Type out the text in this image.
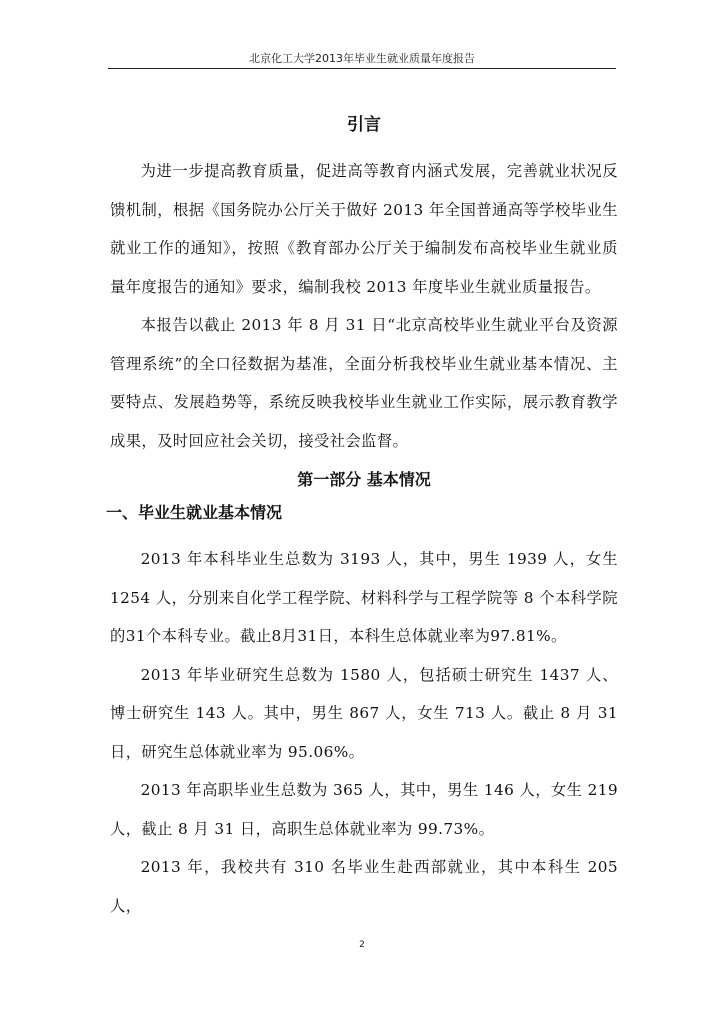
北京化工大学2013年毕业生就业质量年度报告
引言

为进一步提高教育质量，促进高等教育内涵式发展，完善就业状况反馈机制，根据《国务院办公厅关于做好 2013 年全国普通高等学校毕业生就业工作的通知》，按照《教育部办公厅关于编制发布高校毕业生就业质量年度报告的通知》要求，编制我校 2013 年度毕业生就业质量报告。

本报告以截止 2013 年 8 月 31 日“北京高校毕业生就业平台及资源管理系统”的全口径数据为基准，全面分析我校毕业生就业基本情况、主要特点、发展趋势等，系统反映我校毕业生就业工作实际，展示教育教学成果，及时回应社会关切，接受社会监督。

第一部分 基本情况
一、毕业生就业基本情况

2013 年本科毕业生总数为 3193 人，其中，男生 1939 人，女生 1254 人，分别来自化学工程学院、材料科学与工程学院等 8 个本科学院的31个本科专业。截止8月31日，本科生总体就业率为97.81%。

2013 年毕业研究生总数为 1580 人，包括硕士研究生 1437 人、博士研究生 143 人。其中，男生 867 人，女生 713 人。截止 8 月 31 日，研究生总体就业率为 95.06%。

2013 年高职毕业生总数为 365 人，其中，男生 146 人，女生 219 人，截止 8 月 31 日，高职生总体就业率为 99.73%。

2013 年，我校共有 310 名毕业生赴西部就业，其中本科生 205 人，

2
